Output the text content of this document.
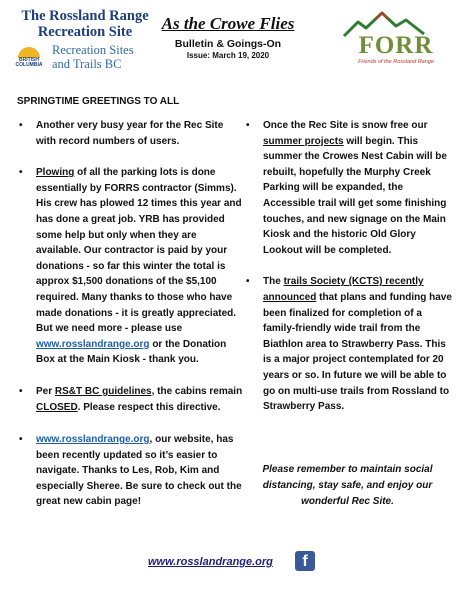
The Rossland Range
Recreation Site
BRITISH COLUMBIA
Recreation Sites
and Trails BC
As the Crowe Flies
Bulletin & Goings-On
Issue: March 19, 2020	FORR
Friends of the Rossland Range
SPRINGTIME GREETINGS TO ALL
• Another very busy year for the Rec Site with record numbers of users.
• Plowing of all the parking lots is done essentially by FORRS contractor (Simms). His crew has plowed 12 times this year and has done a great job. YRB has provided some help but only when they are available. Our contractor is paid by your donations - so far this winter the total is approx $1,500 donations of the $5,100 required. Many thanks to those who have made donations - it is greatly appreciated. But we need more - please use www.rosslandrange.org or the Donation Box at the Main Kiosk - thank you.
• Per RS&T BC guidelines, the cabins remain CLOSED. Please respect this directive.
• www.rosslandrange.org, our website, has been recently updated so it’s easier to navigate. Thanks to Les, Rob, Kim and especially Sheree. Be sure to check out the great new cabin page!
• Once the Rec Site is snow free our summer projects will begin. This summer the Crowes Nest Cabin will be rebuilt, hopefully the Murphy Creek Parking will be expanded, the Accessible trail will get some finishing touches, and new signage on the Main Kiosk and the historic Old Glory Lookout will be completed.
• The trails Society (KCTS) recently announced that plans and funding have been finalized for completion of a family-friendly wide trail from the Biathlon area to Strawberry Pass. This is a major project contemplated for 20 years or so. In future we will be able to go on multi-use trails from Rossland to Strawberry Pass.
Please remember to maintain social distancing, stay safe, and enjoy our wonderful Rec Site.
www.rosslandrange.org	f
